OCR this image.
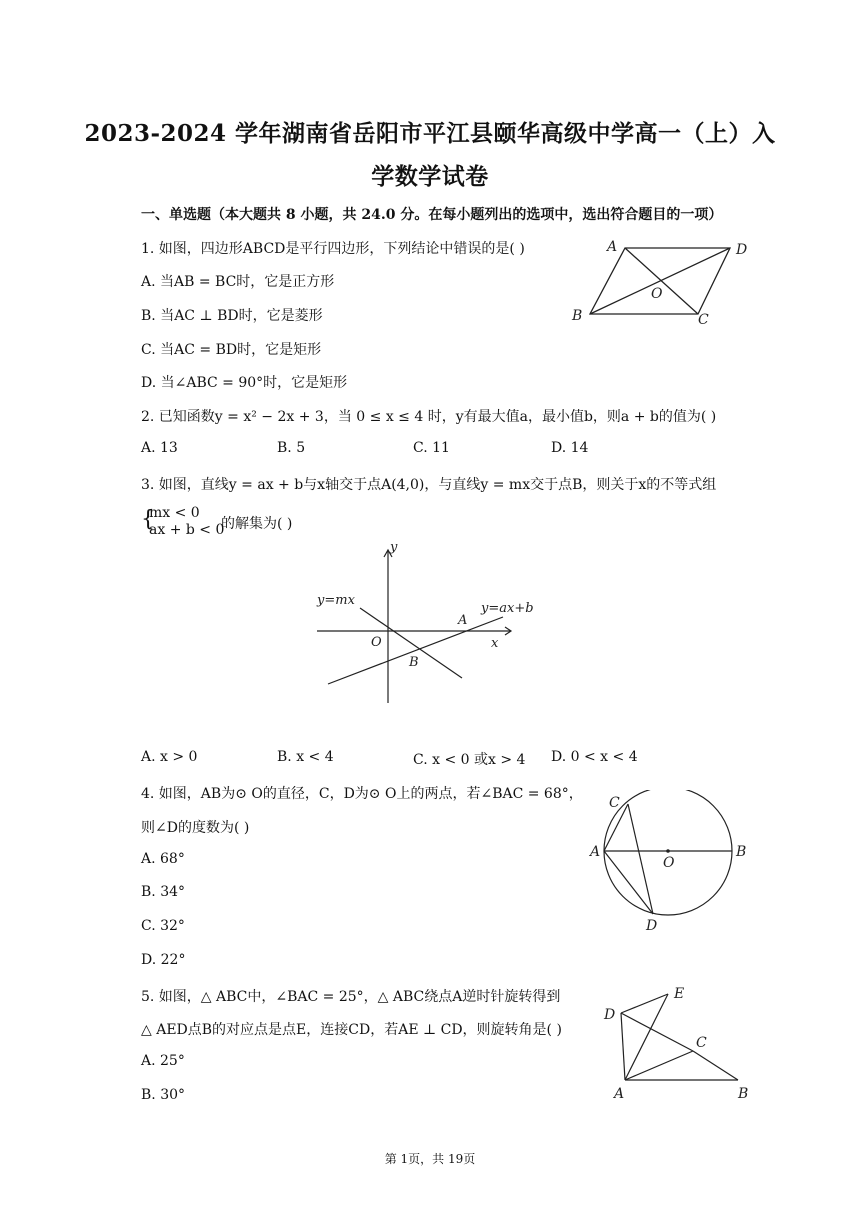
2023-2024 学年湖南省岳阳市平江县颐华高级中学高一（上）入
学数学试卷
一、单选题（本大题共 8 小题，共 24.0 分。在每小题列出的选项中，选出符合题目的一项）
1. 如图，四边形ABCD是平行四边形，下列结论中错误的是( )
A. 当AB = BC时，它是正方形
B. 当AC ⊥ BD时，它是菱形
C. 当AC = BD时，它是矩形
D. 当∠ABC = 90°时，它是矩形
A	D
O
B	C
2. 已知函数y = x² − 2x + 3，当 0 ≤ x ≤ 4 时，y有最大值a，最小值b，则a + b的值为( )
A. 13	B. 5	C. 11	D. 14
3. 如图，直线y = ax + b与x轴交于点A(4,0)，与直线y = mx交于点B，则关于x的不等式组
{
mx < 0
ax + b < 0
的解集为( )
y
x
O
A
B
y=mx
y=ax+b
A. x > 0	B. x < 4	C. x < 0 或x > 4 D. 0 < x < 4
4. 如图，AB为⊙ O的直径，C，D为⊙ O上的两点，若∠BAC = 68°，
则∠D的度数为( )
A. 68°
B. 34°
C. 32°
D. 22°
C
A
O
B
D
5. 如图，△ ABC中，∠BAC = 25°，△ ABC绕点A逆时针旋转得到
△ AED点B的对应点是点E，连接CD，若AE ⊥ CD，则旋转角是( )
A. 25°
B. 30°
E
D
C
A	B
第 1页，共 19页
